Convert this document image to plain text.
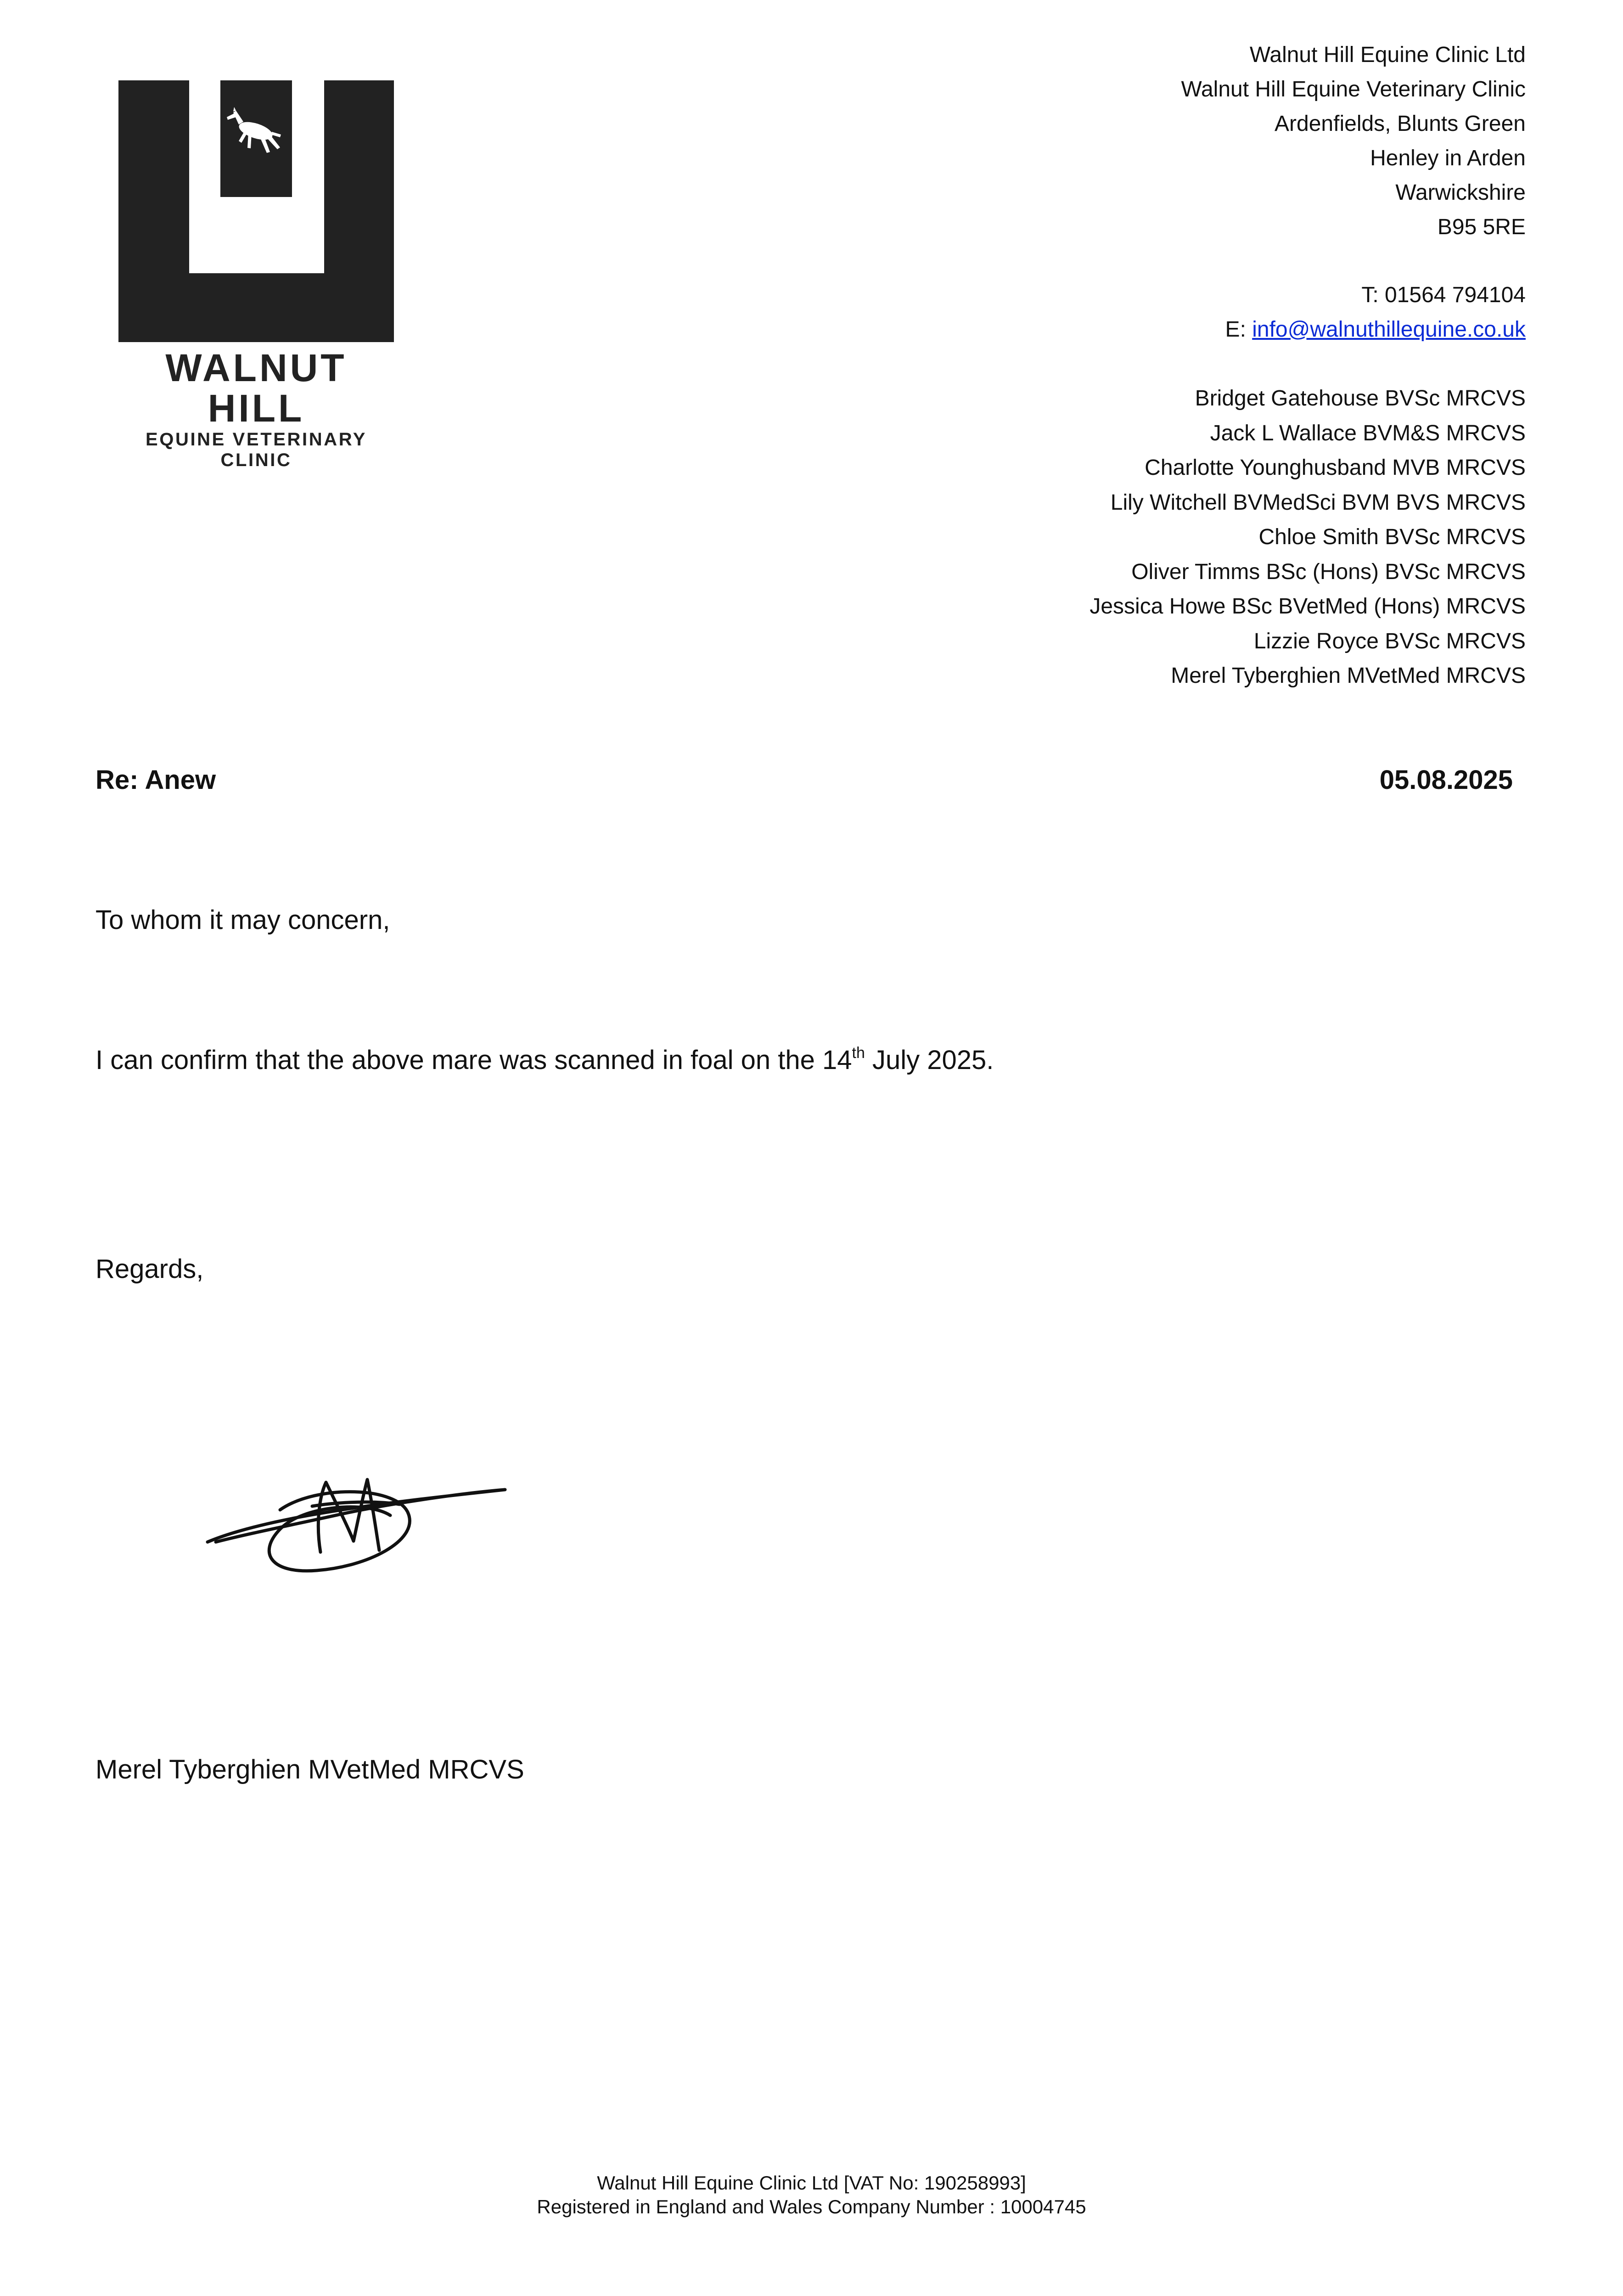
WALNUT HILL
EQUINE VETERINARY CLINIC
Walnut Hill Equine Clinic Ltd
Walnut Hill Equine Veterinary Clinic
Ardenfields, Blunts Green
Henley in Arden
Warwickshire
B95 5RE
T: 01564 794104
E: info@walnuthillequine.co.uk
Bridget Gatehouse BVSc MRCVS
Jack L Wallace BVM&S MRCVS
Charlotte Younghusband MVB MRCVS
Lily Witchell BVMedSci BVM BVS MRCVS
Chloe Smith BVSc MRCVS
Oliver Timms BSc (Hons) BVSc MRCVS
Jessica Howe BSc BVetMed (Hons) MRCVS
Lizzie Royce BVSc MRCVS
Merel Tyberghien MVetMed MRCVS
Re: Anew	05.08.2025
To whom it may concern,
I can confirm that the above mare was scanned in foal on the 14th July 2025.
Regards,
Merel Tyberghien MVetMed MRCVS
Walnut Hill Equine Clinic Ltd [VAT No: 190258993]
Registered in England and Wales Company Number : 10004745
